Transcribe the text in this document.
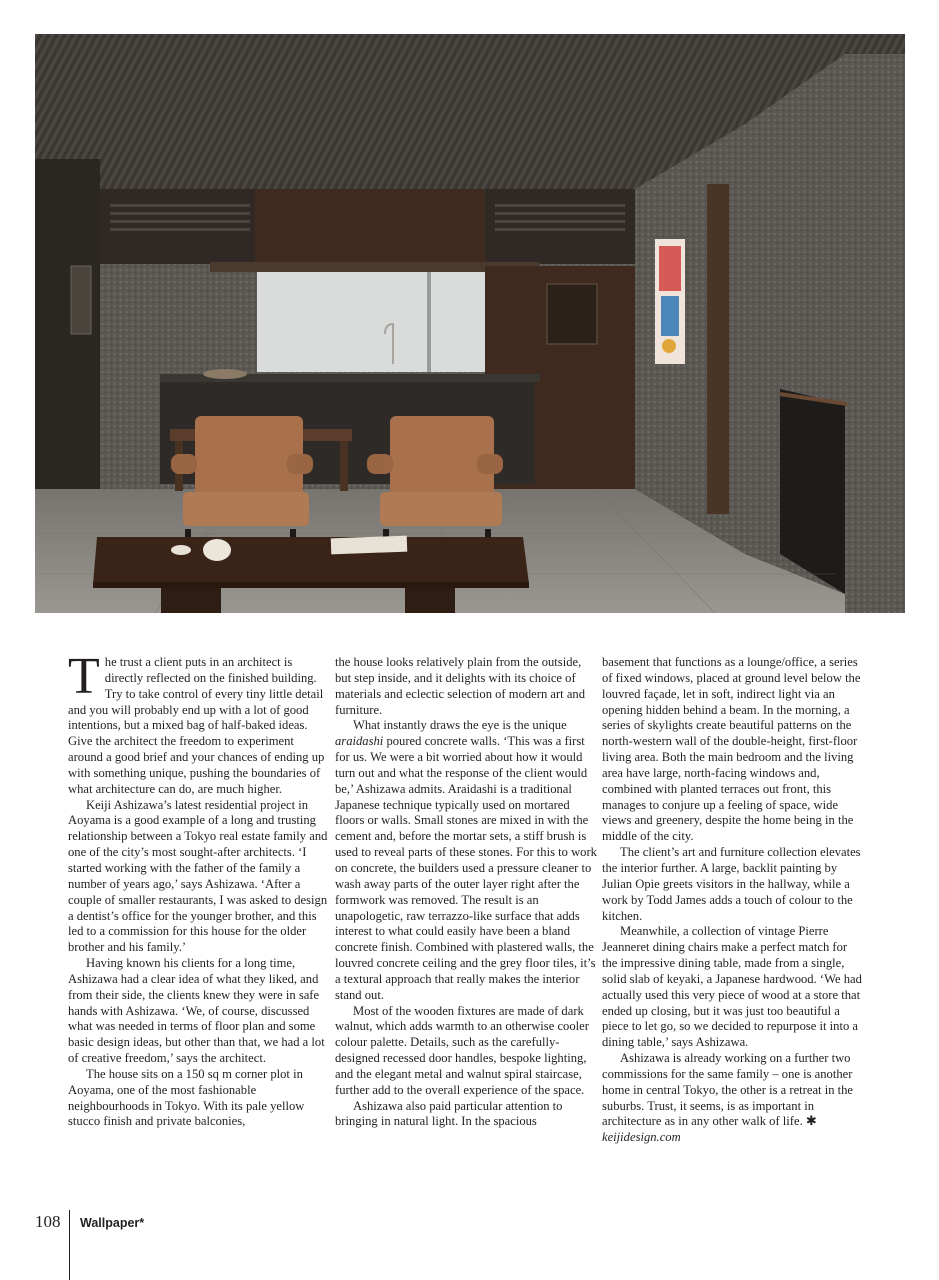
The trust a client puts in an architect is directly reflected on the finished building. Try to take control of every tiny little detail and you will probably end up with a lot of good intentions, but a mixed bag of half-baked ideas. Give the architect the freedom to experiment around a good brief and your chances of ending up with something unique, pushing the boundaries of what architecture can do, are much higher.

Keiji Ashizawa’s latest residential project in Aoyama is a good example of a long and trusting relationship between a Tokyo real estate family and one of the city’s most sought-after architects. ‘I started working with the father of the family a number of years ago,’ says Ashizawa. ‘After a couple of smaller restaurants, I was asked to design a dentist’s office for the younger brother, and this led to a commission for this house for the older brother and his family.’

Having known his clients for a long time, Ashizawa had a clear idea of what they liked, and from their side, the clients knew they were in safe hands with Ashizawa. ‘We, of course, discussed what was needed in terms of floor plan and some basic design ideas, but other than that, we had a lot of creative freedom,’ says the architect.

The house sits on a 150 sq m corner plot in Aoyama, one of the most fashionable neighbourhoods in Tokyo. With its pale yellow stucco finish and private balconies,

the house looks relatively plain from the outside, but step inside, and it delights with its choice of materials and eclectic selection of modern art and furniture.

What instantly draws the eye is the unique araidashi poured concrete walls. ‘This was a first for us. We were a bit worried about how it would turn out and what the response of the client would be,’ Ashizawa admits. Araidashi is a traditional Japanese technique typically used on mortared floors or walls. Small stones are mixed in with the cement and, before the mortar sets, a stiff brush is used to reveal parts of these stones. For this to work on concrete, the builders used a pressure cleaner to wash away parts of the outer layer right after the formwork was removed. The result is an unapologetic, raw terrazzo-like surface that adds interest to what could easily have been a bland concrete finish. Combined with plastered walls, the louvred concrete ceiling and the grey floor tiles, it’s a textural approach that really makes the interior stand out.

Most of the wooden fixtures are made of dark walnut, which adds warmth to an otherwise cooler colour palette. Details, such as the carefully-designed recessed door handles, bespoke lighting, and the elegant metal and walnut spiral staircase, further add to the overall experience of the space.

Ashizawa also paid particular attention to bringing in natural light. In the spacious

basement that functions as a lounge/office, a series of fixed windows, placed at ground level below the louvred façade, let in soft, indirect light via an opening hidden behind a beam. In the morning, a series of skylights create beautiful patterns on the north-western wall of the double-height, first-floor living area. Both the main bedroom and the living area have large, north-facing windows and, combined with planted terraces out front, this manages to conjure up a feeling of space, wide views and greenery, despite the home being in the middle of the city.

The client’s art and furniture collection elevates the interior further. A large, backlit painting by Julian Opie greets visitors in the hallway, while a work by Todd James adds a touch of colour to the kitchen.

Meanwhile, a collection of vintage Pierre Jeanneret dining chairs make a perfect match for the impressive dining table, made from a single, solid slab of keyaki, a Japanese hardwood. ‘We had actually used this very piece of wood at a store that ended up closing, but it was just too beautiful a piece to let go, so we decided to repurpose it into a dining table,’ says Ashizawa.

Ashizawa is already working on a further two commissions for the same family – one is another home in central Tokyo, the other is a retreat in the suburbs. Trust, it seems, is as important in architecture as in any other walk of life. ✱ keijidesign.com

108 Wallpaper*
